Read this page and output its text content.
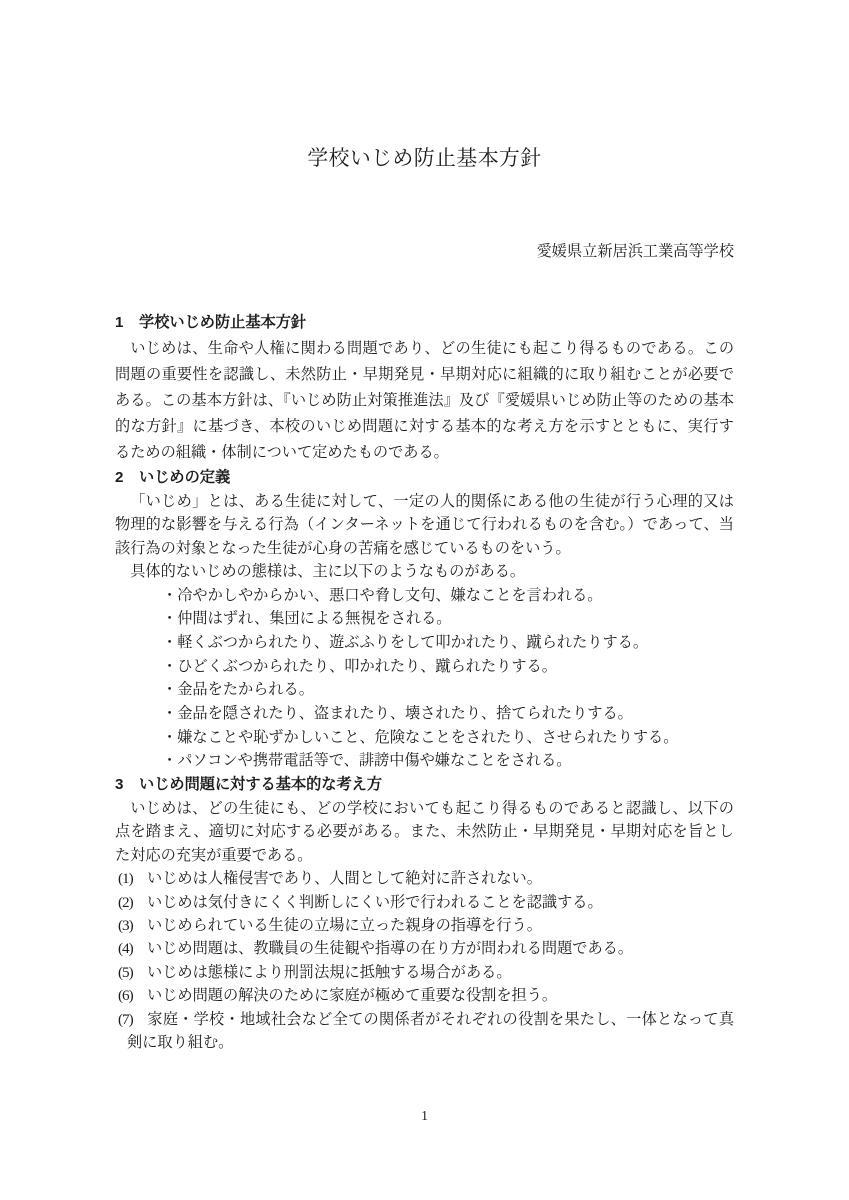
学校いじめ防止基本方針
愛媛県立新居浜工業高等学校
1 学校いじめ防止基本方針

いじめは、生命や人権に関わる問題であり、どの生徒にも起こり得るものである。この問題の重要性を認識し、未然防止・早期発見・早期対応に組織的に取り組むことが必要である。この基本方針は、『いじめ防止対策推進法』及び『愛媛県いじめ防止等のための基本的な方針』に基づき、本校のいじめ問題に対する基本的な考え方を示すとともに、実行するための組織・体制について定めたものである。

2 いじめの定義

「いじめ」とは、ある生徒に対して、一定の人的関係にある他の生徒が行う心理的又は物理的な影響を与える行為（インターネットを通じて行われるものを含む。）であって、当該行為の対象となった生徒が心身の苦痛を感じているものをいう。

具体的ないじめの態様は、主に以下のようなものがある。

・冷やかしやからかい、悪口や脅し文句、嫌なことを言われる。
・仲間はずれ、集団による無視をされる。
・軽くぶつかられたり、遊ぶふりをして叩かれたり、蹴られたりする。
・ひどくぶつかられたり、叩かれたり、蹴られたりする。
・金品をたかられる。
・金品を隠されたり、盗まれたり、壊されたり、捨てられたりする。
・嫌なことや恥ずかしいこと、危険なことをされたり、させられたりする。
・パソコンや携帯電話等で、誹謗中傷や嫌なことをされる。
3 いじめ問題に対する基本的な考え方

いじめは、どの生徒にも、どの学校においても起こり得るものであると認識し、以下の点を踏まえ、適切に対応する必要がある。また、未然防止・早期発見・早期対応を旨とした対応の充実が重要である。

(1) いじめは人権侵害であり、人間として絶対に許されない。
(2) いじめは気付きにくく判断しにくい形で行われることを認識する。
(3) いじめられている生徒の立場に立った親身の指導を行う。
(4) いじめ問題は、教職員の生徒観や指導の在り方が問われる問題である。
(5) いじめは態様により刑罰法規に抵触する場合がある。
(6) いじめ問題の解決のために家庭が極めて重要な役割を担う。
(7) 家庭・学校・地域社会など全ての関係者がそれぞれの役割を果たし、一体となって真剣に取り組む。
1
